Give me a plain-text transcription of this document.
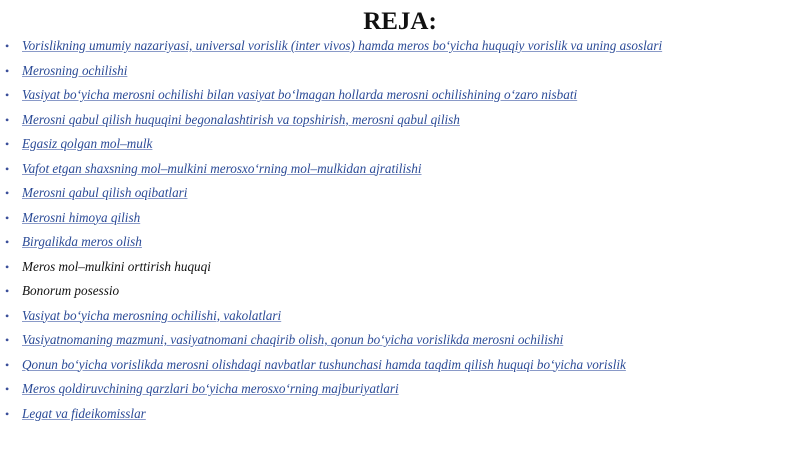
REJA:
• Vorislikning umumiy nazariyasi, universal vorislik (inter vivos) hamda meros bo‘yicha huquqiy vorislik va uning asoslari
• Merosning ochilishi
• Vasiyat bo‘yicha merosni ochilishi bilan vasiyat bo‘lmagan hollarda merosni ochilishining o‘zaro nisbati
• Merosni qabul qilish huquqini begonalashtirish va topshirish, merosni qabul qilish
• Egasiz qolgan mol–mulk
• Vafot etgan shaxsning mol–mulkini merosxo‘rning mol–mulkidan ajratilishi
• Merosni qabul qilish oqibatlari
• Merosni himoya qilish
• Birgalikda meros olish
• Meros mol–mulkini orttirish huquqi
• Bonorum posessio
• Vasiyat bo‘yicha merosning ochilishi, vakolatlari
• Vasiyatnomaning mazmuni, vasiyatnomani chaqirib olish, qonun bo‘yicha vorislikda merosni ochilishi
• Qonun bo‘yicha vorislikda merosni olishdagi navbatlar tushunchasi hamda taqdim qilish huquqi bo‘yicha vorislik
• Meros qoldiruvchining qarzlari bo‘yicha merosxo‘rning majburiyatlari
• Legat va fideikomisslar
